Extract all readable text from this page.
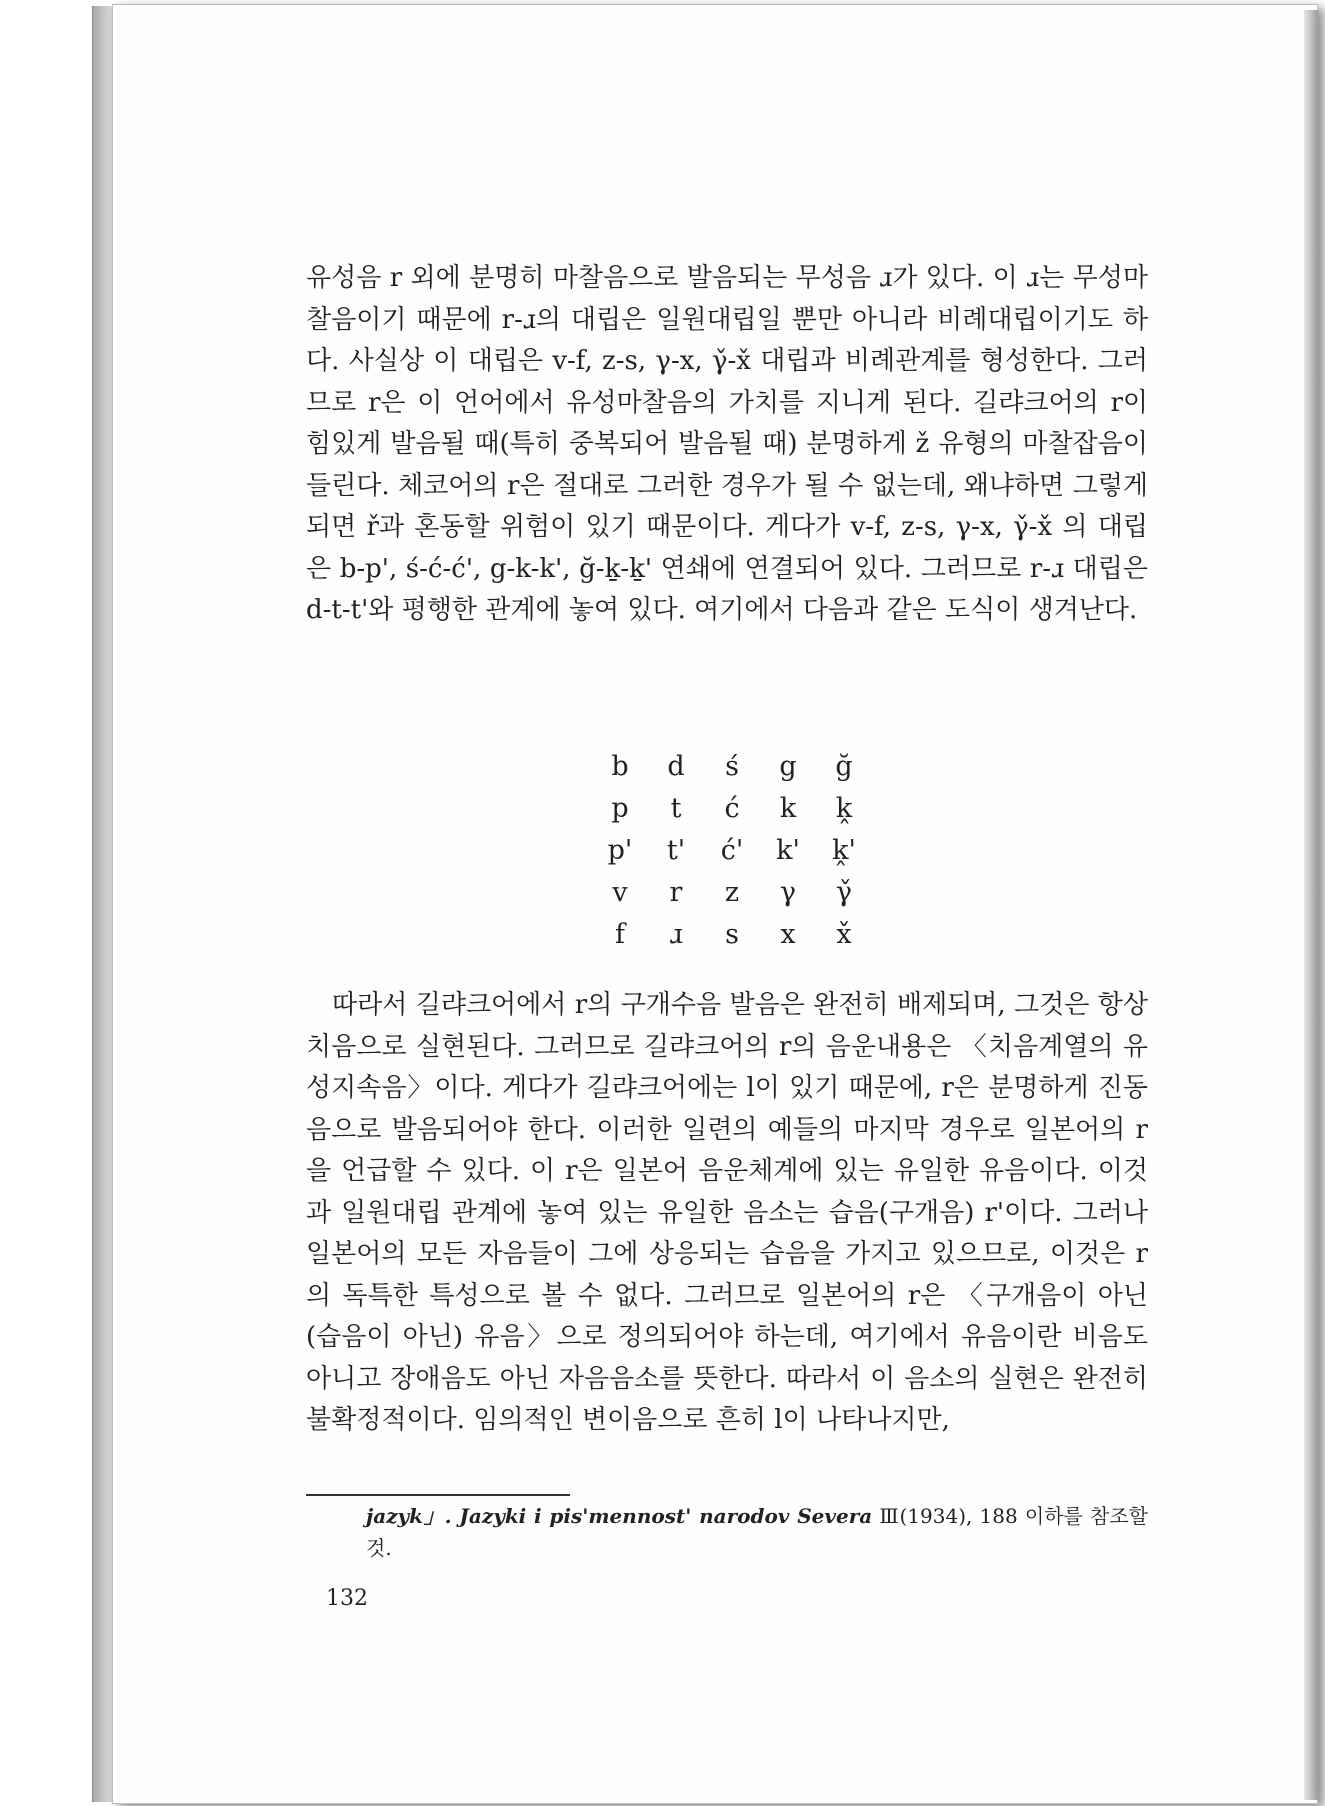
유성음 r 외에 분명히 마찰음으로 발음되는 무성음 ɹ가 있다. 이 ɹ는 무성마찰음이기 때문에 r-ɹ의 대립은 일원대립일 뿐만 아니라 비례대립이기도 하다. 사실상 이 대립은 v-f, z-s, γ-x, γ̌-x̌ 대립과 비례관계를 형성한다. 그러므로 r은 이 언어에서 유성마찰음의 가치를 지니게 된다. 길랴크어의 r이 힘있게 발음될 때(특히 중복되어 발음될 때) 분명하게 ž 유형의 마찰잡음이 들린다. 체코어의 r은 절대로 그러한 경우가 될 수 없는데, 왜냐하면 그렇게 되면 ř과 혼동할 위험이 있기 때문이다. 게다가 v-f, z-s, γ-x, γ̌-x̌ 의 대립은 b-p', ś-ć-ć', g-k-k', ğ-ḵ-ḵ' 연쇄에 연결되어 있다. 그러므로 r-ɹ 대립은 d-t-t'와 평행한 관계에 놓여 있다. 여기에서 다음과 같은 도식이 생겨난다.

b	d	ś	g	ğ
p	t	ć	k	k̭
p'	t'	ć'	k'	k̭'
v	r	z	γ	γ̌
f	ɹ	s	x	x̌

따라서 길랴크어에서 r의 구개수음 발음은 완전히 배제되며, 그것은 항상 치음으로 실현된다. 그러므로 길랴크어의 r의 음운내용은 〈치음계열의 유성지속음〉이다. 게다가 길랴크어에는 l이 있기 때문에, r은 분명하게 진동음으로 발음되어야 한다. 이러한 일련의 예들의 마지막 경우로 일본어의 r을 언급할 수 있다. 이 r은 일본어 음운체계에 있는 유일한 유음이다. 이것과 일원대립 관계에 놓여 있는 유일한 음소는 습음(구개음) r'이다. 그러나 일본어의 모든 자음들이 그에 상응되는 습음을 가지고 있으므로, 이것은 r의 독특한 특성으로 볼 수 없다. 그러므로 일본어의 r은 〈구개음이 아닌(습음이 아닌) 유음〉으로 정의되어야 하는데, 여기에서 유음이란 비음도 아니고 장애음도 아닌 자음음소를 뜻한다. 따라서 이 음소의 실현은 완전히 불확정적이다. 임의적인 변이음으로 흔히 l이 나타나지만,

jazyk」. Jazyki i pis'mennost' narodov Severa Ⅲ(1934), 188 이하를 참조할 것.

132
